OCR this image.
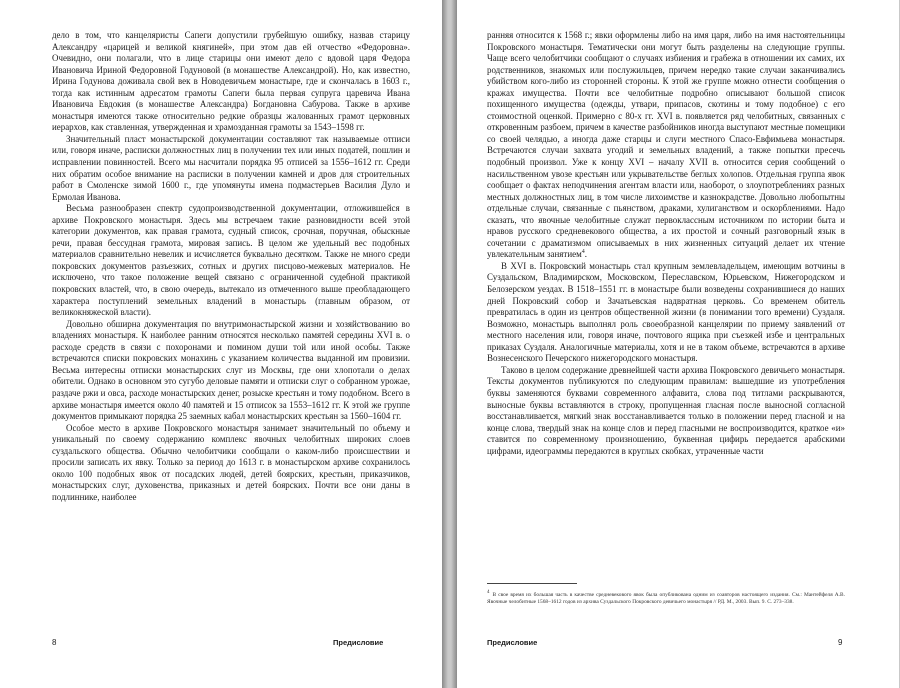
дело в том, что канцеляристы Сапеги допустили грубейшую ошибку, назвав старицу Александру «царицей и великой княгиней», при этом дав ей отчество «Федоровна». Очевидно, они полагали, что в лице старицы они имеют дело с вдовой царя Федора Ивановича Ириной Федоровной Годуновой (в монашестве Александрой). Но, как известно, Ирина Годунова доживала свой век в Новодевичьем монастыре, где и скончалась в 1603 г., тогда как истинным адресатом грамоты Сапеги была первая супруга царевича Ивана Ивановича Евдокия (в монашестве Александра) Богдановна Сабурова. Также в архиве монастыря имеются также относительно редкие образцы жалованных грамот церковных иерархов, как ставленная, утвержденная и храмозданная грамоты за 1543–1598 гг.

Значительный пласт монастырской документации составляют так называемые отписи или, говоря иначе, расписки должностных лиц в получении тех или иных податей, пошлин и исправлении повинностей. Всего мы насчитали порядка 95 отписей за 1556–1612 гг. Среди них обратим особое внимание на расписки в получении камней и дров для строительных работ в Смоленске зимой 1600 г., где упомянуты имена подмастерьев Василия Дуло и Ермолая Иванова.

Весьма разнообразен спектр судопроизводственной документации, отложившейся в архиве Покровского монастыря. Здесь мы встречаем такие разновидности всей этой категории документов, как правая грамота, судный список, срочная, поручная, обыскные речи, правая бессудная грамота, мировая запись. В целом же удельный вес подобных материалов сравнительно невелик и исчисляется буквально десятком. Также не много среди покровских документов разъезжих, сотных и других писцово-межевых материалов. Не исключено, что такое положение вещей связано с ограниченной судебной практикой покровских властей, что, в свою очередь, вытекало из отмеченного выше преобладающего характера поступлений земельных владений в монастырь (главным образом, от великокняжеской власти).

Довольно обширна документация по внутримонастырской жизни и хозяйствованию во владениях монастыря. К наиболее ранним относятся несколько памятей середины XVI в. о расходе средств в связи с похоронами и помином души той или иной особы. Также встречаются списки покровских монахинь с указанием количества выданной им провизии. Весьма интересны отписки монастырских слуг из Москвы, где они хлопотали о делах обители. Однако в основном это сугубо деловые памяти и отписки слуг о собранном урожае, раздаче ржи и овса, расходе монастырских денег, розыске крестьян и тому подобном. Всего в архиве монастыря имеется около 40 памятей и 15 отписок за 1553–1612 гг. К этой же группе документов примыкают порядка 25 заемных кабал монастырских крестьян за 1560–1604 гг.

Особое место в архиве Покровского монастыря занимает значительный по объему и уникальный по своему содержанию комплекс явочных челобитных широких слоев суздальского общества. Обычно челобитчики сообщали о каком-либо происшествии и просили записать их явку. Только за период до 1613 г. в монастырском архиве сохранилось около 100 подобных явок от посадских людей, детей боярских, крестьян, приказчиков, монастырских слуг, духовенства, приказных и детей боярских. Почти все они даны в подлиннике, наиболее

8	Предисловие

ранняя относится к 1568 г.; явки оформлены либо на имя царя, либо на имя настоятельницы Покровского монастыря. Тематически они могут быть разделены на следующие группы. Чаще всего челобитчики сообщают о случаях избиения и грабежа в отношении их самих, их родственников, знакомых или послужильцев, причем нередко такие случаи заканчивались убийством кого-либо из сторонней стороны. К этой же группе можно отнести сообщения о кражах имущества. Почти все челобитные подробно описывают большой список похищенного имущества (одежды, утвари, припасов, скотины и тому подобное) с его стоимостной оценкой. Примерно с 80-х гг. XVI в. появляется ряд челобитных, связанных с откровенным разбоем, причем в качестве разбойников иногда выступают местные помещики со своей челядью, а иногда даже старцы и слуги местного Спасо-Евфимьева монастыря. Встречаются случаи захвата угодий и земельных владений, а также попытки пресечь подобный произвол. Уже к концу XVI – началу XVII в. относится серия сообщений о насильственном увозе крестьян или укрывательстве беглых холопов. Отдельная группа явок сообщает о фактах неподчинения агентам власти или, наоборот, о злоупотреблениях разных местных должностных лиц, в том числе лихоимстве и казнокрадстве. Довольно любопытны отдельные случаи, связанные с пьянством, драками, хулиганством и оскорблениями. Надо сказать, что явочные челобитные служат первоклассным источником по истории быта и нравов русского средневекового общества, а их простой и сочный разговорный язык в сочетании с драматизмом описываемых в них жизненных ситуаций делает их чтение увлекательным занятием$^4$.

В XVI в. Покровский монастырь стал крупным землевладельцем, имеющим вотчины в Суздальском, Владимирском, Московском, Переславском, Юрьевском, Нижегородском и Белозерском уездах. В 1518–1551 гг. в монастыре были возведены сохранившиеся до наших дней Покровский собор и Зачатьевская надвратная церковь. Со временем обитель превратилась в один из центров общественной жизни (в понимании того времени) Суздаля. Возможно, монастырь выполнял роль своеобразной канцелярии по приему заявлений от местного населения или, говоря иначе, почтового ящика при съезжей избе и центральных приказах Суздаля. Аналогичные материалы, хотя и не в таком объеме, встречаются в архиве Вознесенского Печерского нижегородского монастыря.

Таково в целом содержание древнейшей части архива Покровского девичьего монастыря. Тексты документов публикуются по следующим правилам: вышедшие из употребления буквы заменяются буквами современного алфавита, слова под титлами раскрываются, выносные буквы вставляются в строку, пропущенная гласная после выносной согласной восстанавливается, мягкий знак восстанавливается только в положении перед гласной и на конце слова, твердый знак на конце слов и перед гласными не воспроизводится, краткое «и» ставится по современному произношению, буквенная цифирь передается арабскими цифрами, идеограммы передаются в круглых скобках, утраченные части

4 В свое время их большая часть в качестве средневекового явок была опубликована одним из соавторов настоящего издания. См.: Мантейфеля А.В. Явочные челобитные 1568–1612 годов из архива Суздальского Покровского девичьего монастыря // РД. М., 2003. Вып. 9. С. 273–338.
Предисловие	9
